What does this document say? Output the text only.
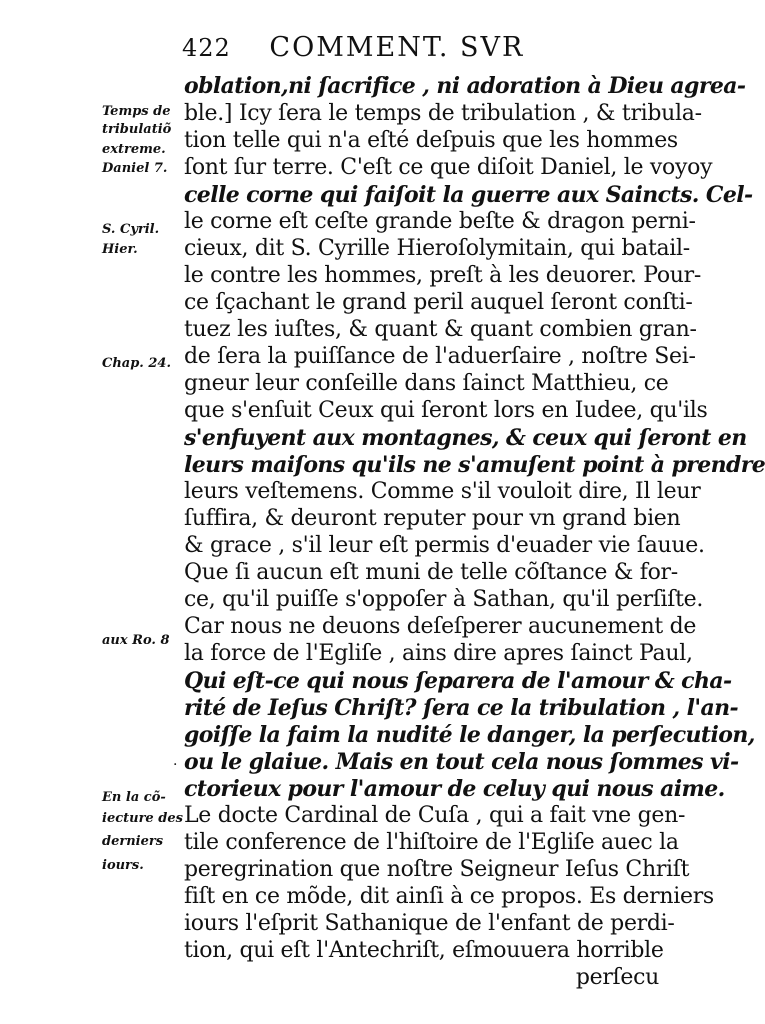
422 COMMENT. SVR
oblation,ni ſacrifice , ni adoration à Dieu agrea-
ble.] Icy ſera le temps de tribulation , & tribula-
tion telle qui n'a eſté deſpuis que les hommes
ſont ſur terre. C'eſt ce que diſoit Daniel, le voyoy
celle corne qui faiſoit la guerre aux Saincts. Cel-
le corne eſt ceſte grande beſte & dragon perni-
cieux, dit S. Cyrille Hieroſolymitain, qui batail-
le contre les hommes, preſt à les deuorer. Pour-
ce ſçachant le grand peril auquel ſeront conſti-
tuez les iuſtes, & quant & quant combien gran-
de ſera la puiſſance de l'aduerſaire , noſtre Sei-
gneur leur conſeille dans ſainct Matthieu, ce
que s'enſuit Ceux qui ſeront lors en Iudee, qu'ils
s'enfuyent aux montagnes, & ceux qui ſeront en
leurs maiſons qu'ils ne s'amuſent point à prendre
leurs veſtemens. Comme s'il vouloit dire, Il leur
ſuffira, & deuront reputer pour vn grand bien
& grace , s'il leur eſt permis d'euader vie ſauue.
Que ſi aucun eſt muni de telle cõſtance & for-
ce, qu'il puiſſe s'oppoſer à Sathan, qu'il perſiſte.
Car nous ne deuons deſeſperer aucunement de
la force de l'Egliſe , ains dire apres ſainct Paul,
Qui eſt-ce qui nous ſeparera de l'amour & cha-
rité de Ieſus Chriſt? ſera ce la tribulation , l'an-
goiſſe la faim la nudité le danger, la perſecution,
ou le glaiue. Mais en tout cela nous ſommes vi-
ctorieux pour l'amour de celuy qui nous aime.
Le docte Cardinal de Cuſa , qui a fait vne gen-
tile conference de l'hiſtoire de l'Egliſe auec la
peregrination que noſtre Seigneur Ieſus Chriſt
fiſt en ce mõde, dit ainſi à ce propos. Es derniers
iours l'eſprit Sathanique de l'enfant de perdi-
tion, qui eſt l'Antechriſt, eſmouuera horrible
perſecu
Temps de
tribulatiõ
extreme.
Daniel 7.
S. Cyril.
Hier.
Chap. 24.
aux Ro. 8
En la cõ-
iecture des
derniers
iours.
·
